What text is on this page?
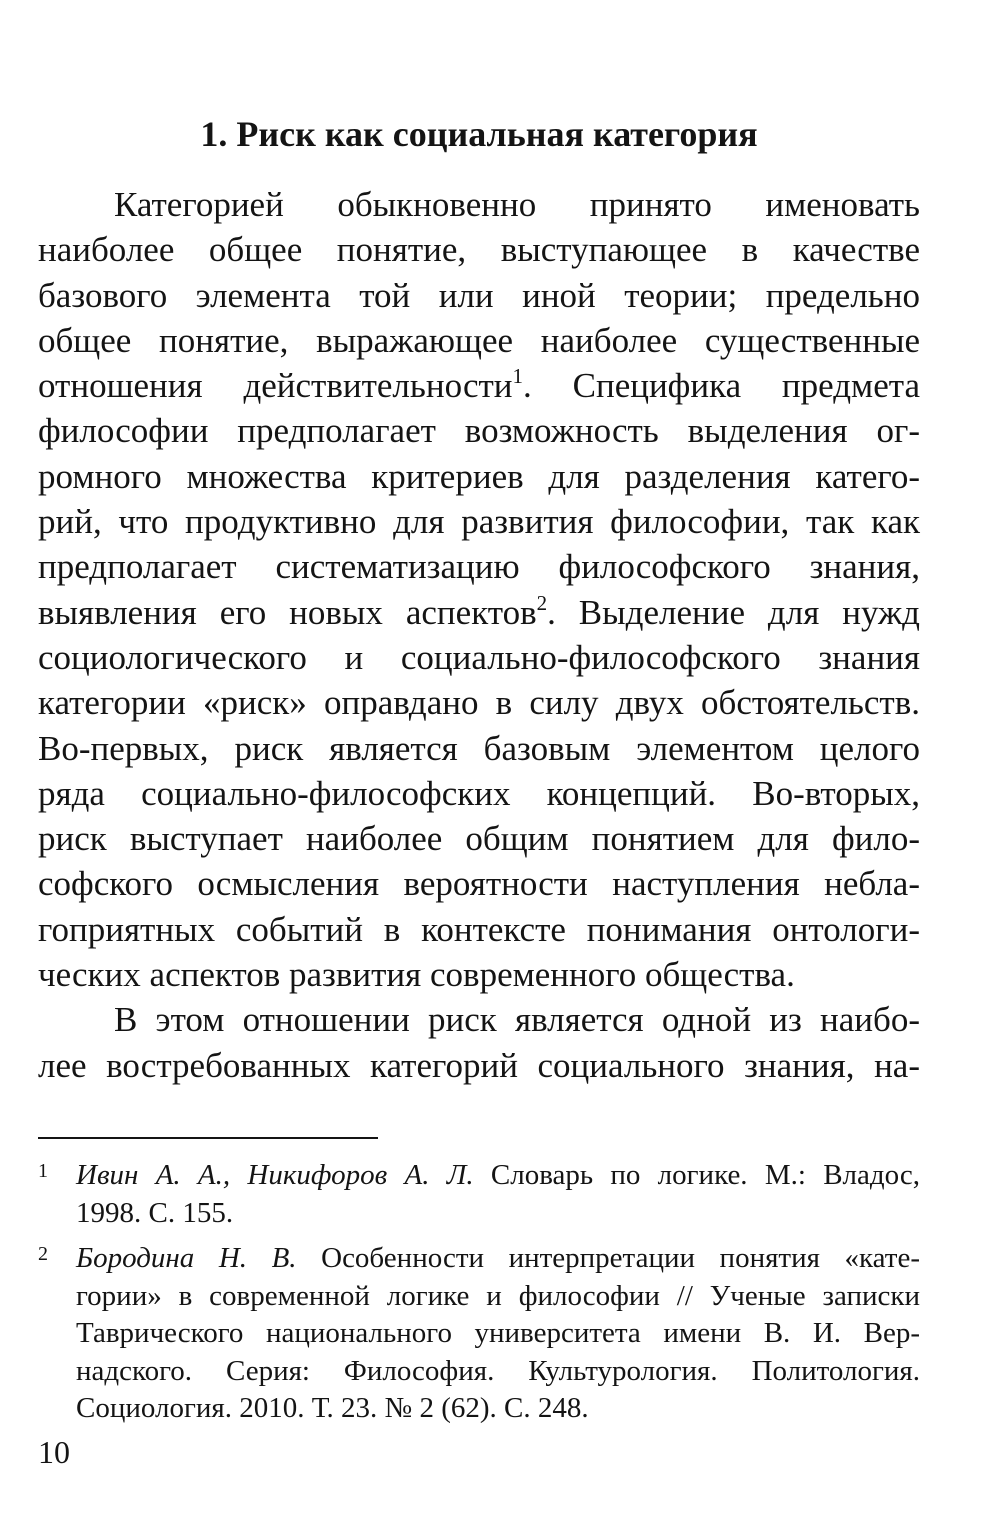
1. Риск как социальная категория
Категорией обыкновенно принято именовать
наиболее общее понятие, выступающее в качестве
базового элемента той или иной теории; предельно
общее понятие, выражающее наиболее существенные
отношения действительности$^1$. Специфика предмета
философии предполагает возможность выделения ог-
ромного множества критериев для разделения катего-
рий, что продуктивно для развития философии, так как
предполагает систематизацию философского знания,
выявления его новых аспектов$^2$. Выделение для нужд
социологического и социально-философского знания
категории «риск» оправдано в силу двух обстоятельств.
Во-первых, риск является базовым элементом целого
ряда социально-философских концепций. Во-вторых,
риск выступает наиболее общим понятием для фило-
софского осмысления вероятности наступления небла-
гоприятных событий в контексте понимания онтологи-
ческих аспектов развития современного общества.
В этом отношении риск является одной из наибо-
лее востребованных категорий социального знания, на-
1 Ивин А. А., Никифоров А. Л. Словарь по логике. М.: Владос,
1998. С. 155.
2 Бородина Н. В. Особенности интерпретации понятия «кате-
гории» в современной логике и философии // Ученые записки
Таврического национального университета имени В. И. Вер-
надского. Серия: Философия. Культурология. Политология.
Социология. 2010. Т. 23. № 2 (62). С. 248.
10
